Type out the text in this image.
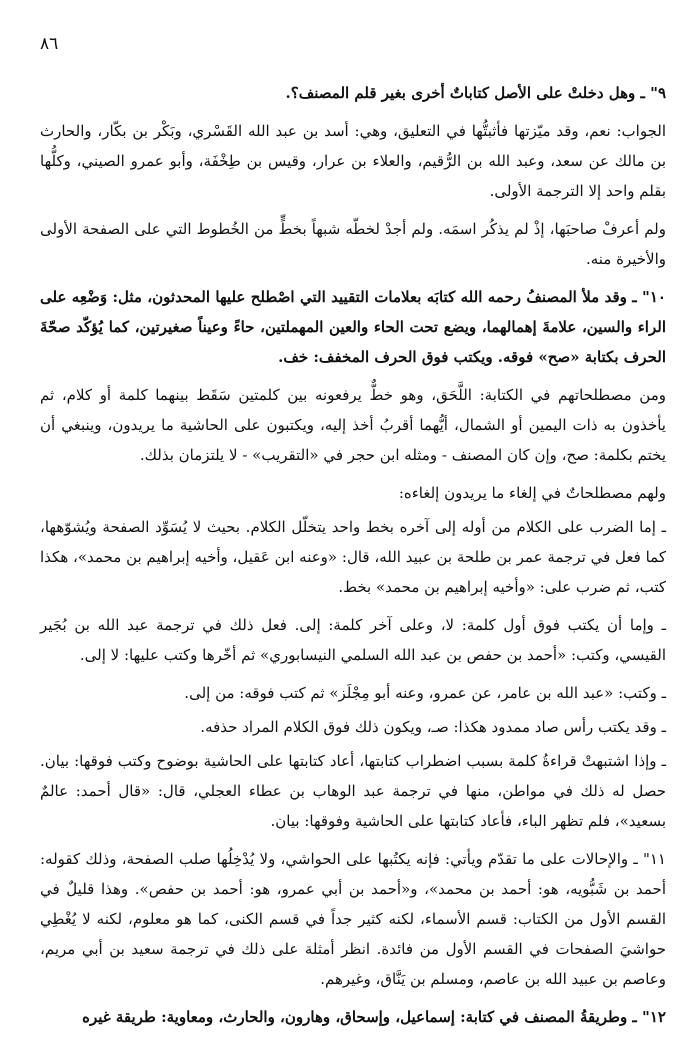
٨٦

٩" ـ وهل دخلتْ على الأصل كتاباتٌ أخرى بغير قلم المصنف؟.

الجواب: نعم، وقد ميّزتها فأثبتُّها في التعليق، وهي: أسد بن عبد الله القَسْري، وبَكْر بن بكّار، والحارث بن مالك عن سعد، وعبد الله بن الرُّقيم، والعلاء بن عرار، وقيس بن طِخْفَة، وأبو عمرو الصيني، وكلُّها بقلم واحد إلا الترجمة الأولى.

ولم أعرفْ صاحبَها، إذْ لم يذكُر اسمَه. ولم أجدْ لخطّه شبهاً بخطٍّ من الخُطوط التي على الصفحة الأولى والأخيرة منه.

١٠" ـ وقد ملأ المصنفُ رحمه الله كتابَه بعلامات التقييد التي اصْطلح عليها المحدثون، مثل: وَضْعِه على الراء والسين، علامةَ إهمالهما، ويضع تحت الحاء والعين المهملتين، حاءً وعيناً صغيرتين، كما يُؤكّد صحّةَ الحرف بكتابة «صح» فوقه. ويكتب فوق الحرف المخفف: خف.

ومن مصطلحاتهم في الكتابة: اللَّحَق، وهو خطٌّ يرفعونه بين كلمتين سَقَط بينهما كلمة أو كلام، ثم يأخذون به ذات اليمين أو الشمال، أيُّهما أقربُ أخذ إليه، ويكتبون على الحاشية ما يريدون، وينبغي أن يختم بكلمة: صح، وإن كان المصنف - ومثله ابن حجر في «التقريب» - لا يلتزمان بذلك.

ولهم مصطلحاتٌ في إلغاء ما يريدون إلغاءه:

ـ إما الضرب على الكلام من أوله إلى آخره بخط واحد يتخلّل الكلام. بحيث لا يُسَوِّد الصفحة ويُشوّهها، كما فعل في ترجمة عمر بن طلحة بن عبيد الله، قال: «وعنه ابن عَقيل، وأخيه إبراهيم بن محمد»، هكذا كتب، ثم ضرب على: «وأخيه إبراهيم بن محمد» بخط.

ـ وإما أن يكتب فوق أول كلمة: لا، وعلى آخر كلمة: إلى. فعل ذلك في ترجمة عبد الله بن بُجَير القيسي، وكتب: «أحمد بن حفص بن عبد الله السلمي النيسابوري» ثم أخّرها وكتب عليها: لا إلى.

ـ وكتب: «عبد الله بن عامر، عن عمرو، وعنه أبو مِجْلَز» ثم كتب فوقه: من إلى.

ـ وقد يكتب رأس صاد ممدود هكذا: صـ، ويكون ذلك فوق الكلام المراد حذفه.

ـ وإذا اشتبهتْ قراءةُ كلمة بسبب اضطراب كتابتها، أعاد كتابتها على الحاشية بوضوح وكتب فوقها: بيان. حصل له ذلك في مواطن، منها في ترجمة عبد الوهاب بن عطاء العجلي، قال: «قال أحمد: عالمٌ بسعيد»، فلم تظهر الباء، فأعاد كتابتها على الحاشية وفوقها: بيان.

١١" ـ والإحالات على ما تقدّم ويأتي: فإنه يكتُبها على الحواشي، ولا يُدْخِلُها صلب الصفحة، وذلك كقوله: أحمد بن شَبُّويه، هو: أحمد بن محمد»، و«أحمد بن أبي عمرو، هو: أحمد بن حفص». وهذا قليلٌ في القسم الأول من الكتاب: قسم الأسماء، لكنه كثير جداً في قسم الكنى، كما هو معلوم، لكنه لا يُغْطِي حواشيَ الصفحات في القسم الأول من فائدة. انظر أمثلة على ذلك في ترجمة سعيد بن أبي مريم، وعاصم بن عبيد الله بن عاصم، ومسلم بن يَنَّاق، وغيرهم.

١٢" ـ وطريقةُ المصنف في كتابة: إسماعيل، وإسحاق، وهارون، والحارث، ومعاوية: طريقة غيره
